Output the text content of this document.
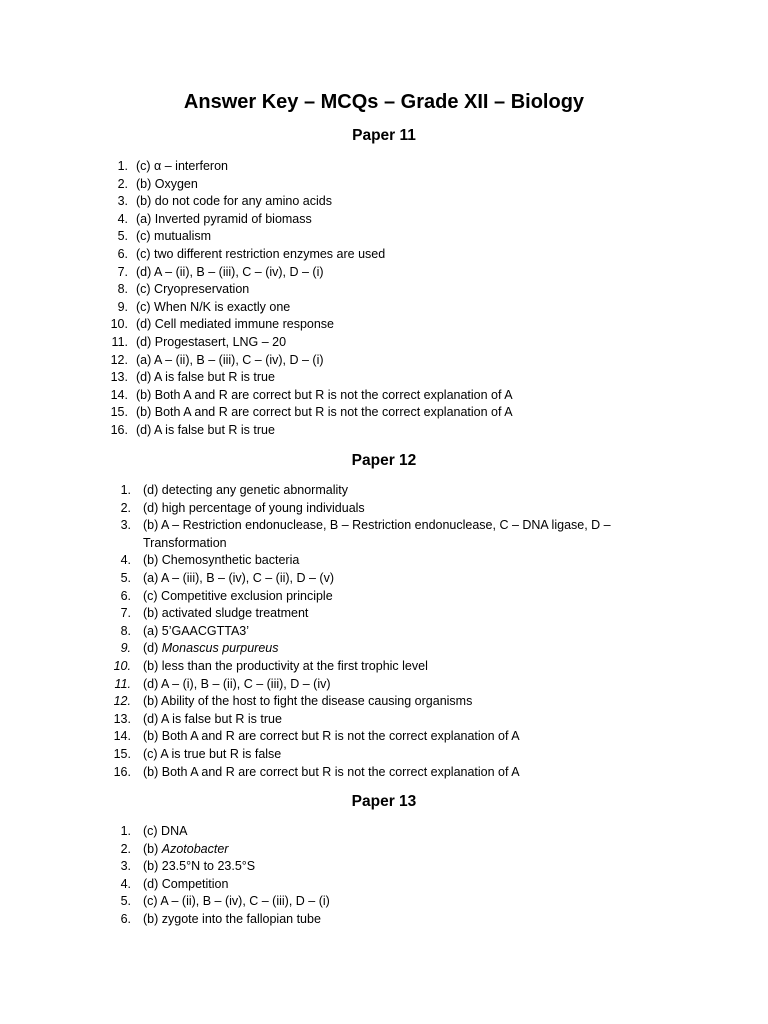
Answer Key – MCQs – Grade XII – Biology
Paper 11
1. (c) α – interferon
2. (b) Oxygen
3. (b) do not code for any amino acids
4. (a) Inverted pyramid of biomass
5. (c) mutualism
6. (c) two different restriction enzymes are used
7. (d) A – (ii), B – (iii), C – (iv), D – (i)
8. (c) Cryopreservation
9. (c) When N/K is exactly one
10. (d) Cell mediated immune response
11. (d) Progestasert, LNG – 20
12. (a) A – (ii), B – (iii), C – (iv), D – (i)
13. (d) A is false but R is true
14. (b) Both A and R are correct but R is not the correct explanation of A
15. (b) Both A and R are correct but R is not the correct explanation of A
16. (d) A is false but R is true
Paper 12
1. (d) detecting any genetic abnormality
2. (d) high percentage of young individuals
3. (b) A – Restriction endonuclease, B – Restriction endonuclease, C – DNA ligase, D – Transformation
4. (b) Chemosynthetic bacteria
5. (a) A – (iii), B – (iv), C – (ii), D – (v)
6. (c) Competitive exclusion principle
7. (b) activated sludge treatment
8. (a) 5’GAACGTTA3’
9. (d) Monascus purpureus
10. (b) less than the productivity at the first trophic level
11. (d) A – (i), B – (ii), C – (iii), D – (iv)
12. (b) Ability of the host to fight the disease causing organisms
13. (d) A is false but R is true
14. (b) Both A and R are correct but R is not the correct explanation of A
15. (c) A is true but R is false
16. (b) Both A and R are correct but R is not the correct explanation of A
Paper 13
1. (c) DNA
2. (b) Azotobacter
3. (b) 23.5°N to 23.5°S
4. (d) Competition
5. (c) A – (ii), B – (iv), C – (iii), D – (i)
6. (b) zygote into the fallopian tube
